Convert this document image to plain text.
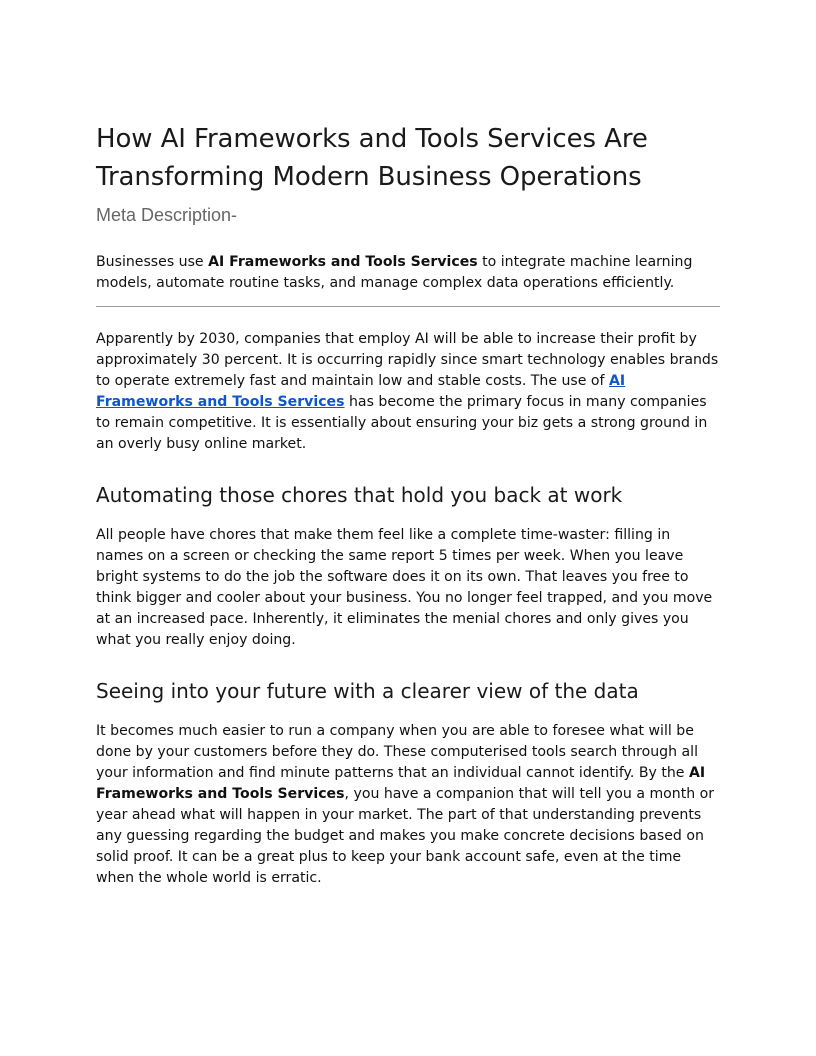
How AI Frameworks and Tools Services Are Transforming Modern Business Operations
Meta Description-

Businesses use AI Frameworks and Tools Services to integrate machine learning models, automate routine tasks, and manage complex data operations efficiently.

Apparently by 2030, companies that employ AI will be able to increase their profit by approximately 30 percent. It is occurring rapidly since smart technology enables brands to operate extremely fast and maintain low and stable costs. The use of AI Frameworks and Tools Services has become the primary focus in many companies to remain competitive. It is essentially about ensuring your biz gets a strong ground in an overly busy online market.

Automating those chores that hold you back at work

All people have chores that make them feel like a complete time-waster: filling in names on a screen or checking the same report 5 times per week. When you leave bright systems to do the job the software does it on its own. That leaves you free to think bigger and cooler about your business. You no longer feel trapped, and you move at an increased pace. Inherently, it eliminates the menial chores and only gives you what you really enjoy doing.

Seeing into your future with a clearer view of the data

It becomes much easier to run a company when you are able to foresee what will be done by your customers before they do. These computerised tools search through all your information and find minute patterns that an individual cannot identify. By the AI Frameworks and Tools Services, you have a companion that will tell you a month or year ahead what will happen in your market. The part of that understanding prevents any guessing regarding the budget and makes you make concrete decisions based on solid proof. It can be a great plus to keep your bank account safe, even at the time when the whole world is erratic.
